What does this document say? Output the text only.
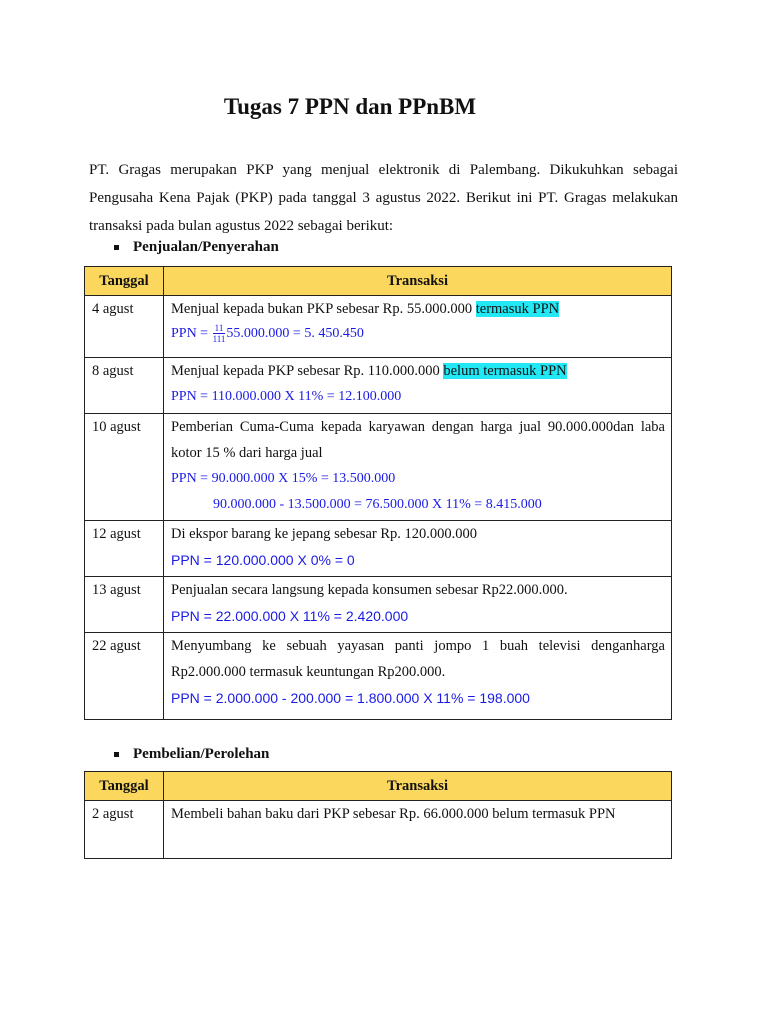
Tugas 7 PPN dan PPnBM

PT. Gragas merupakan PKP yang menjual elektronik di Palembang. Dikukuhkan sebagai Pengusaha Kena Pajak (PKP) pada tanggal 3 agustus 2022. Berikut ini PT. Gragas melakukan transaksi pada bulan agustus 2022 sebagai berikut:

Penjualan/Penyerahan
Tanggal	Transaksi
4 agust	Menjual kepada bukan PKP sebesar Rp. 55.000.000 termasuk PPN
PPN = $\frac{11}{111} 55.000.000 = 5$. 450.450

8 agust	Menjual kepada PKP sebesar Rp. 110.000.000 belum termasuk PPN
PPN = 110.000.000 X 11% = 12.100.000

10 agust	Pemberian Cuma-Cuma kepada karyawan dengan harga jual 90.000.000dan laba kotor 15 % dari harga jual
PPN = 90.000.000 X 15% = 13.500.000
90.000.000 - 13.500.000 = 76.500.000 X 11% = 8.415.000

12 agust	Di ekspor barang ke jepang sebesar Rp. 120.000.000
PPN = 120.000.000 X 0% = 0

13 agust	Penjualan secara langsung kepada konsumen sebesar Rp22.000.000.
PPN = 22.000.000 X 11% = 2.420.000

22 agust	Menyumbang ke sebuah yayasan panti jompo 1 buah televisi denganharga Rp2.000.000 termasuk keuntungan Rp200.000.
PPN = 2.000.000 - 200.000 = 1.800.000 X 11% = 198.000
Pembelian/Perolehan
Tanggal	Transaksi
2 agust	Membeli bahan baku dari PKP sebesar Rp. 66.000.000 belum termasuk PPN
